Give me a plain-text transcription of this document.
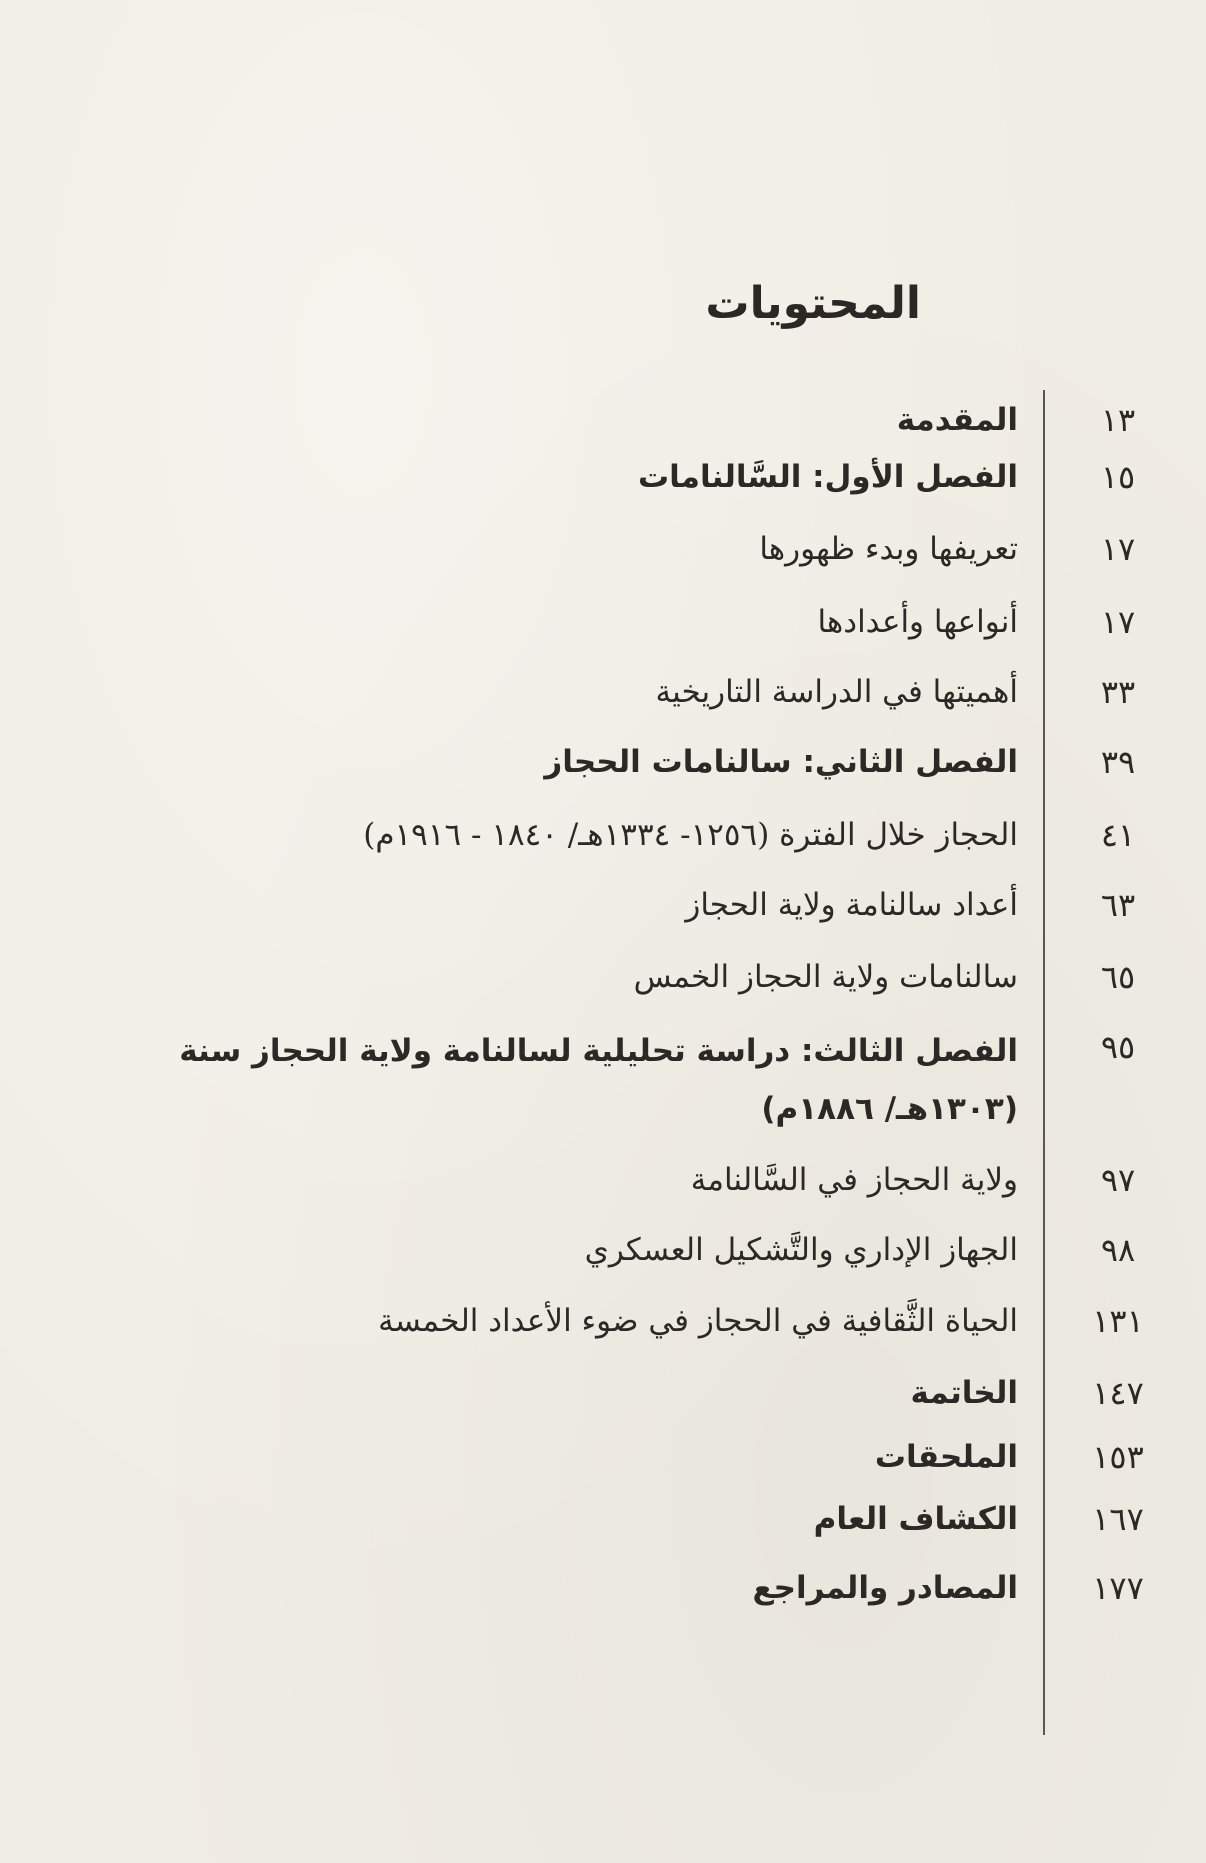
المحتويات
١٣
المقدمة
١٥
الفصل الأول: السَّالنامات
١٧
تعريفها وبدء ظهورها
١٧
أنواعها وأعدادها
٣٣
أهميتها في الدراسة التاريخية
٣٩
الفصل الثاني: سالنامات الحجاز
٤١
الحجاز خلال الفترة (١٢٥٦- ١٣٣٤هـ/ ١٨٤٠ - ١٩١٦م)
٦٣
أعداد سالنامة ولاية الحجاز
٦٥
سالنامات ولاية الحجاز الخمس
٩٥
الفصل الثالث: دراسة تحليلية لسالنامة ولاية الحجاز سنة (١٣٠٣هـ/ ١٨٨٦م)
٩٧
ولاية الحجاز في السَّالنامة
٩٨
الجهاز الإداري والتَّشكيل العسكري
١٣١
الحياة الثَّقافية في الحجاز في ضوء الأعداد الخمسة
١٤٧
الخاتمة
١٥٣
الملحقات
١٦٧
الكشاف العام
١٧٧
المصادر والمراجع
